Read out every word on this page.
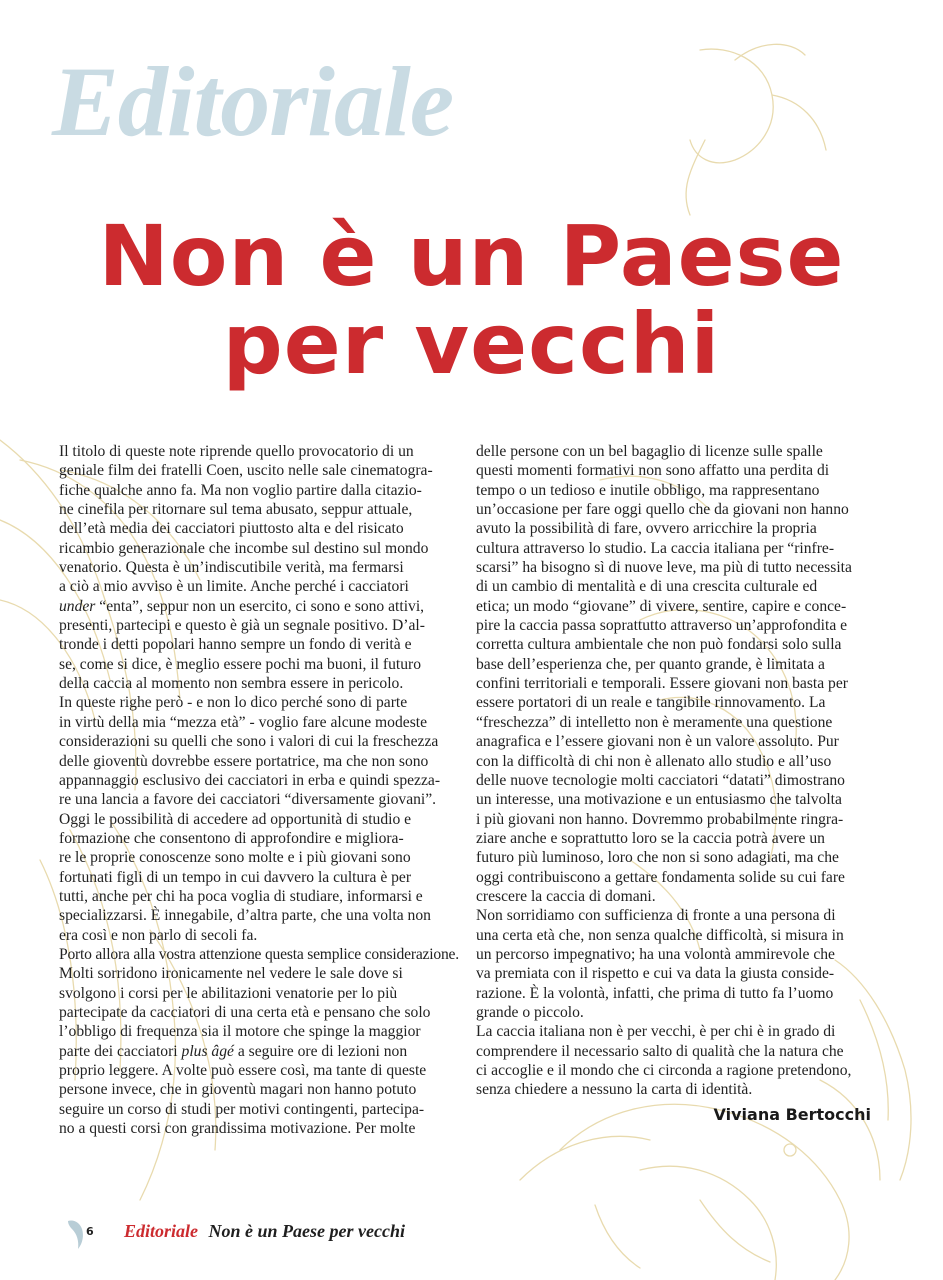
Editoriale
Non è un Paese
per vecchi

Il titolo di queste note riprende quello provocatorio di un
geniale film dei fratelli Coen, uscito nelle sale cinematogra-
fiche qualche anno fa. Ma non voglio partire dalla citazio-
ne cinefila per ritornare sul tema abusato, seppur attuale,
dell’età media dei cacciatori piuttosto alta e del risicato
ricambio generazionale che incombe sul destino sul mondo
venatorio. Questa è un’indiscutibile verità, ma fermarsi
a ciò a mio avviso è un limite. Anche perché i cacciatori
under “enta”, seppur non un esercito, ci sono e sono attivi,
presenti, partecipi e questo è già un segnale positivo. D’al-
tronde i detti popolari hanno sempre un fondo di verità e
se, come si dice, è meglio essere pochi ma buoni, il futuro
della caccia al momento non sembra essere in pericolo.

In queste righe però - e non lo dico perché sono di parte
in virtù della mia “mezza età” - voglio fare alcune modeste
considerazioni su quelli che sono i valori di cui la freschezza
delle gioventù dovrebbe essere portatrice, ma che non sono
appannaggio esclusivo dei cacciatori in erba e quindi spezza-
re una lancia a favore dei cacciatori “diversamente giovani”.
Oggi le possibilità di accedere ad opportunità di studio e
formazione che consentono di approfondire e migliora-
re le proprie conoscenze sono molte e i più giovani sono
fortunati figli di un tempo in cui davvero la cultura è per
tutti, anche per chi ha poca voglia di studiare, informarsi e
specializzarsi. È innegabile, d’altra parte, che una volta non
era così e non parlo di secoli fa.

Porto allora alla vostra attenzione questa semplice considerazione.
Molti sorridono ironicamente nel vedere le sale dove si
svolgono i corsi per le abilitazioni venatorie per lo più
partecipate da cacciatori di una certa età e pensano che solo
l’obbligo di frequenza sia il motore che spinge la maggior
parte dei cacciatori plus âgé a seguire ore di lezioni non
proprio leggere. A volte può essere così, ma tante di queste
persone invece, che in gioventù magari non hanno potuto
seguire un corso di studi per motivi contingenti, partecipa-
no a questi corsi con grandissima motivazione. Per molte

delle persone con un bel bagaglio di licenze sulle spalle
questi momenti formativi non sono affatto una perdita di
tempo o un tedioso e inutile obbligo, ma rappresentano
un’occasione per fare oggi quello che da giovani non hanno
avuto la possibilità di fare, ovvero arricchire la propria
cultura attraverso lo studio. La caccia italiana per “rinfre-
scarsi” ha bisogno sì di nuove leve, ma più di tutto necessita
di un cambio di mentalità e di una crescita culturale ed
etica; un modo “giovane” di vivere, sentire, capire e conce-
pire la caccia passa soprattutto attraverso un’approfondita e
corretta cultura ambientale che non può fondarsi solo sulla
base dell’esperienza che, per quanto grande, è limitata a
confini territoriali e temporali. Essere giovani non basta per
essere portatori di un reale e tangibile rinnovamento. La
“freschezza” di intelletto non è meramente una questione
anagrafica e l’essere giovani non è un valore assoluto. Pur
con la difficoltà di chi non è allenato allo studio e all’uso
delle nuove tecnologie molti cacciatori “datati” dimostrano
un interesse, una motivazione e un entusiasmo che talvolta
i più giovani non hanno. Dovremmo probabilmente ringra-
ziare anche e soprattutto loro se la caccia potrà avere un
futuro più luminoso, loro che non si sono adagiati, ma che
oggi contribuiscono a gettare fondamenta solide su cui fare
crescere la caccia di domani.

Non sorridiamo con sufficienza di fronte a una persona di
una certa età che, non senza qualche difficoltà, si misura in
un percorso impegnativo; ha una volontà ammirevole che
va premiata con il rispetto e cui va data la giusta conside-
razione. È la volontà, infatti, che prima di tutto fa l’uomo
grande o piccolo.

La caccia italiana non è per vecchi, è per chi è in grado di
comprendere il necessario salto di qualità che la natura che
ci accoglie e il mondo che ci circonda a ragione pretendono,
senza chiedere a nessuno la carta di identità.

Viviana Bertocchi

6 Editoriale Non è un Paese per vecchi
